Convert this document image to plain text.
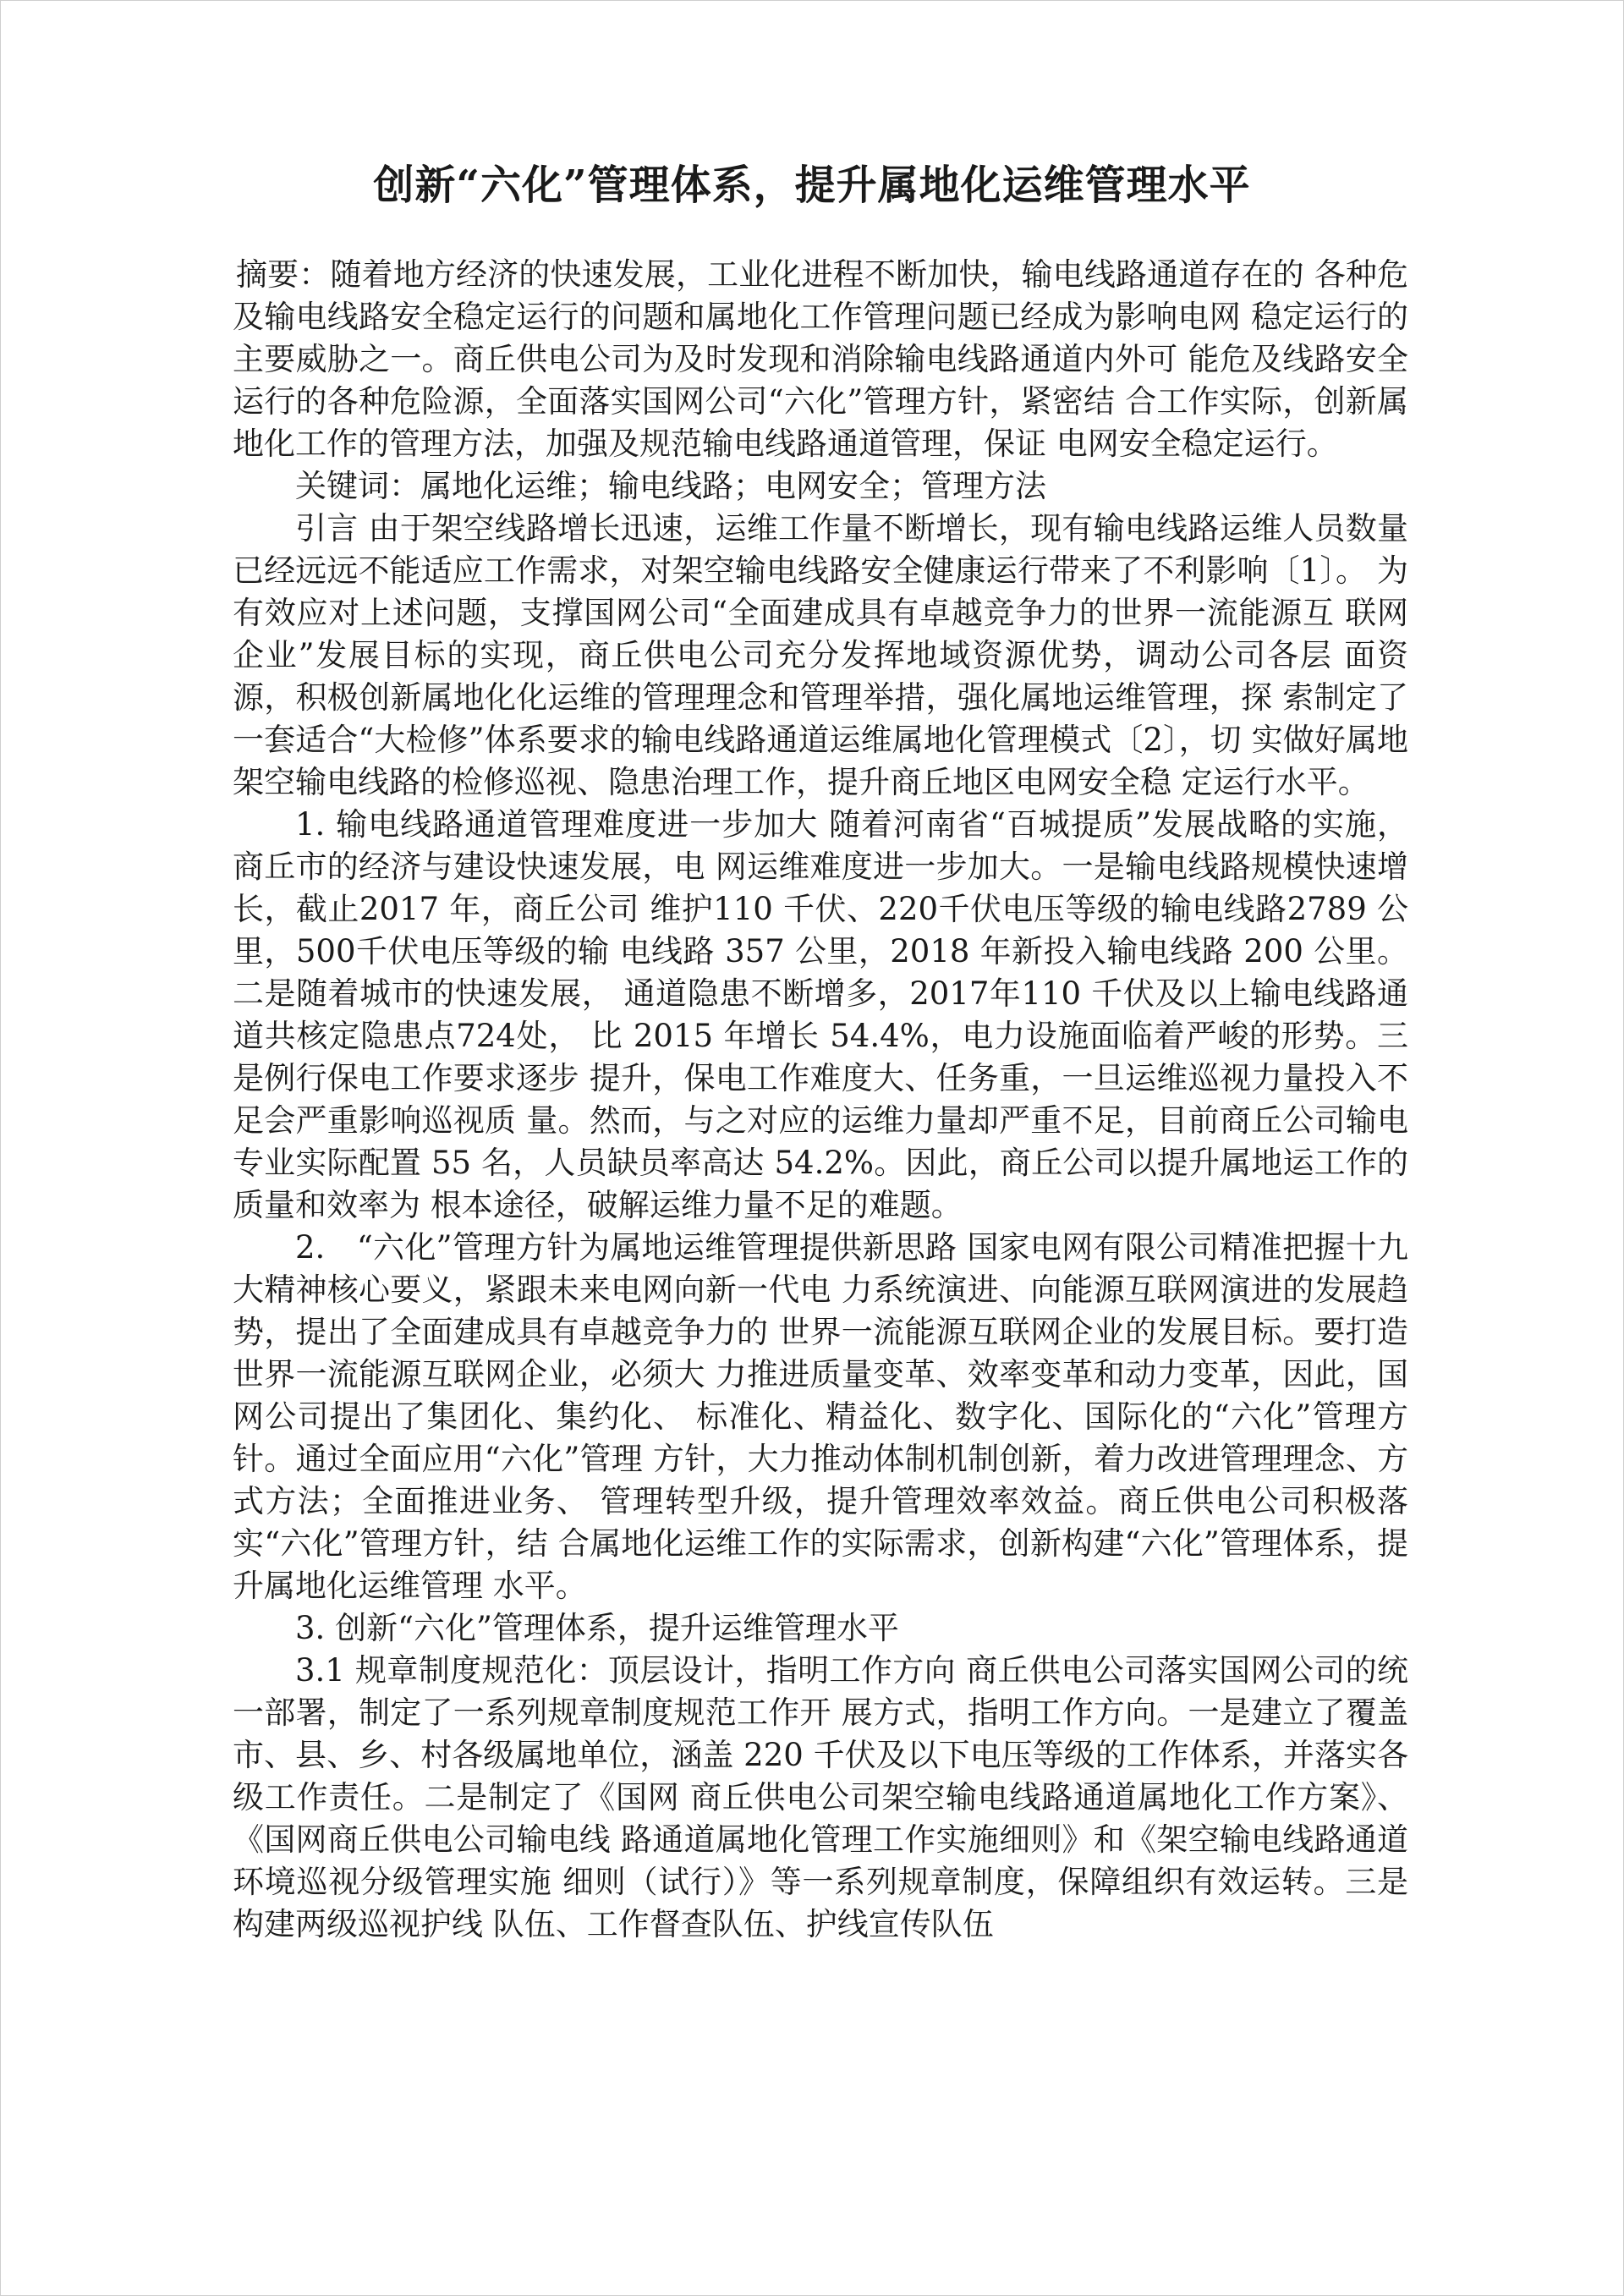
创新“六化”管理体系，提升属地化运维管理水平

摘要：随着地方经济的快速发展，工业化进程不断加快，输电线路通道存在的 各种危及输电线路安全稳定运行的问题和属地化工作管理问题已经成为影响电网 稳定运行的主要威胁之一。商丘供电公司为及时发现和消除输电线路通道内外可 能危及线路安全运行的各种危险源，全面落实国网公司“六化”管理方针，紧密结 合工作实际，创新属地化工作的管理方法，加强及规范输电线路通道管理，保证 电网安全稳定运行。

关键词：属地化运维；输电线路；电网安全；管理方法

引言 由于架空线路增长迅速，运维工作量不断增长，现有输电线路运维人员数量 已经远远不能适应工作需求，对架空输电线路安全健康运行带来了不利影响〔1〕。 为有效应对上述问题，支撑国网公司“全面建成具有卓越竞争力的世界一流能源互 联网企业”发展目标的实现，商丘供电公司充分发挥地域资源优势，调动公司各层 面资源，积极创新属地化化运维的管理理念和管理举措，强化属地运维管理，探 索制定了一套适合“大检修”体系要求的输电线路通道运维属地化管理模式〔2〕，切 实做好属地架空输电线路的检修巡视、隐患治理工作，提升商丘地区电网安全稳 定运行水平。

1. 输电线路通道管理难度进一步加大 随着河南省“百城提质”发展战略的实施，商丘市的经济与建设快速发展，电 网运维难度进一步加大。一是输电线路规模快速增长，截止2017 年，商丘公司 维护110 千伏、220千伏电压等级的输电线路2789 公里，500千伏电压等级的输 电线路 357 公里，2018 年新投入输电线路 200 公里。二是随着城市的快速发展， 通道隐患不断增多，2017年110 千伏及以上输电线路通道共核定隐患点724处， 比 2015 年增长 54.4%，电力设施面临着严峻的形势。三是例行保电工作要求逐步 提升，保电工作难度大、任务重，一旦运维巡视力量投入不足会严重影响巡视质 量。然而，与之对应的运维力量却严重不足，目前商丘公司输电专业实际配置 55 名，人员缺员率高达 54.2%。因此，商丘公司以提升属地运工作的质量和效率为 根本途径，破解运维力量不足的难题。

2.　“六化”管理方针为属地运维管理提供新思路 国家电网有限公司精准把握十九大精神核心要义，紧跟未来电网向新一代电 力系统演进、向能源互联网演进的发展趋势，提出了全面建成具有卓越竞争力的 世界一流能源互联网企业的发展目标。要打造世界一流能源互联网企业，必须大 力推进质量变革、效率变革和动力变革，因此，国网公司提出了集团化、集约化、 标准化、精益化、数字化、国际化的“六化”管理方针。通过全面应用“六化”管理 方针，大力推动体制机制创新，着力改进管理理念、方式方法；全面推进业务、 管理转型升级，提升管理效率效益。商丘供电公司积极落实“六化”管理方针，结 合属地化运维工作的实际需求，创新构建“六化”管理体系，提升属地化运维管理 水平。

3. 创新“六化”管理体系，提升运维管理水平

3.1 规章制度规范化：顶层设计，指明工作方向 商丘供电公司落实国网公司的统一部署，制定了一系列规章制度规范工作开 展方式，指明工作方向。一是建立了覆盖市、县、乡、村各级属地单位，涵盖 220 千伏及以下电压等级的工作体系，并落实各级工作责任。二是制定了《国网 商丘供电公司架空输电线路通道属地化工作方案》、《国网商丘供电公司输电线 路通道属地化管理工作实施细则》和《架空输电线路通道环境巡视分级管理实施 细则（试行）》等一系列规章制度，保障组织有效运转。三是构建两级巡视护线 队伍、工作督查队伍、护线宣传队伍
